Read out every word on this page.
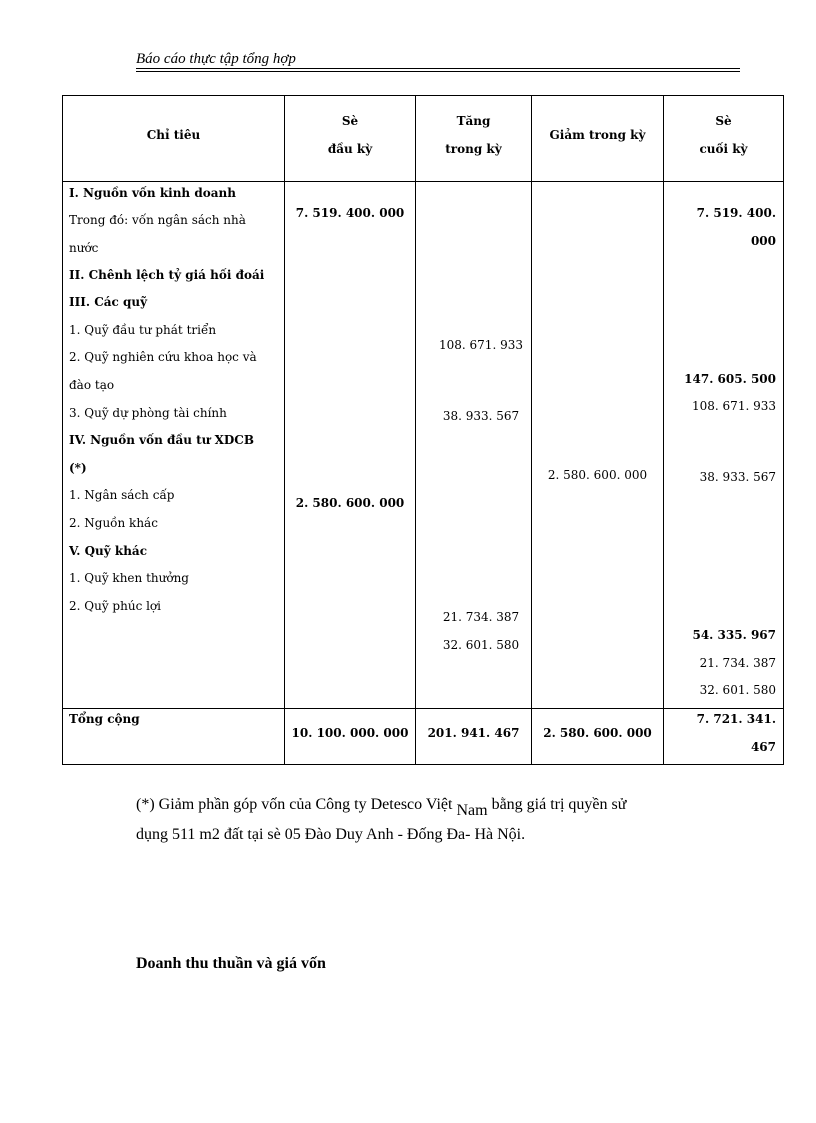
Báo cáo thực tập tổng hợp
Chỉ tiêu
Sè
đầu kỳ
Tăng
trong kỳ
Giảm trong kỳ
Sè
cuối kỳ
I. Nguồn vốn kinh doanh
Trong đó: vốn ngân sách nhà
nước
II. Chênh lệch tỷ giá hối đoái
III. Các quỹ
1. Quỹ đầu tư phát triển
2. Quỹ nghiên cứu khoa học và
đào tạo
3. Quỹ dự phòng tài chính
IV. Nguồn vốn đầu tư XDCB
(*)
1. Ngân sách cấp
2. Nguồn khác
V. Quỹ khác
1. Quỹ khen thưởng
2. Quỹ phúc lợi
7. 519. 400. 000
2. 580. 600. 000
108. 671. 933
38. 933. 567
21. 734. 387
32. 601. 580
2. 580. 600. 000
7. 519. 400.
000
147. 605. 500
108. 671. 933
38. 933. 567
54. 335. 967
21. 734. 387
32. 601. 580
Tổng cộng
10. 100. 000. 000	201. 941. 467	2. 580. 600. 000
7. 721. 341.
467
(*) Giảm phần góp vốn của Công ty Detesco Việt Nam bằng giá trị quyền sử
dụng 511 m2 đất tại sè 05 Đào Duy Anh - Đống Đa- Hà Nội.
Doanh thu thuần và giá vốn
